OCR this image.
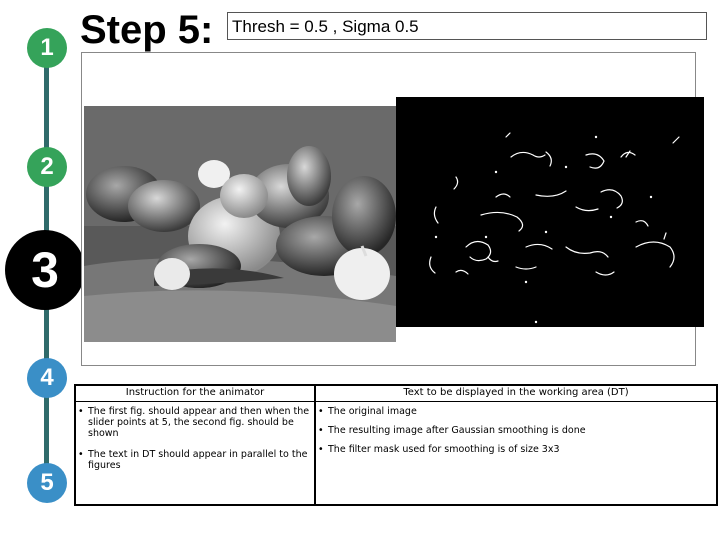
1
2
3
4
5
Step 5: Thresh = 0.5 , Sigma 0.5
Instruction for the animator	Text to be displayed in the working area (DT)
• The first fig. should appear and then when the slider points at 5, the second fig. should be shown
• The text in DT should appear in parallel to the figures
• The original image
• The resulting image after Gaussian smoothing is done
• The filter mask used for smoothing is of size 3x3
